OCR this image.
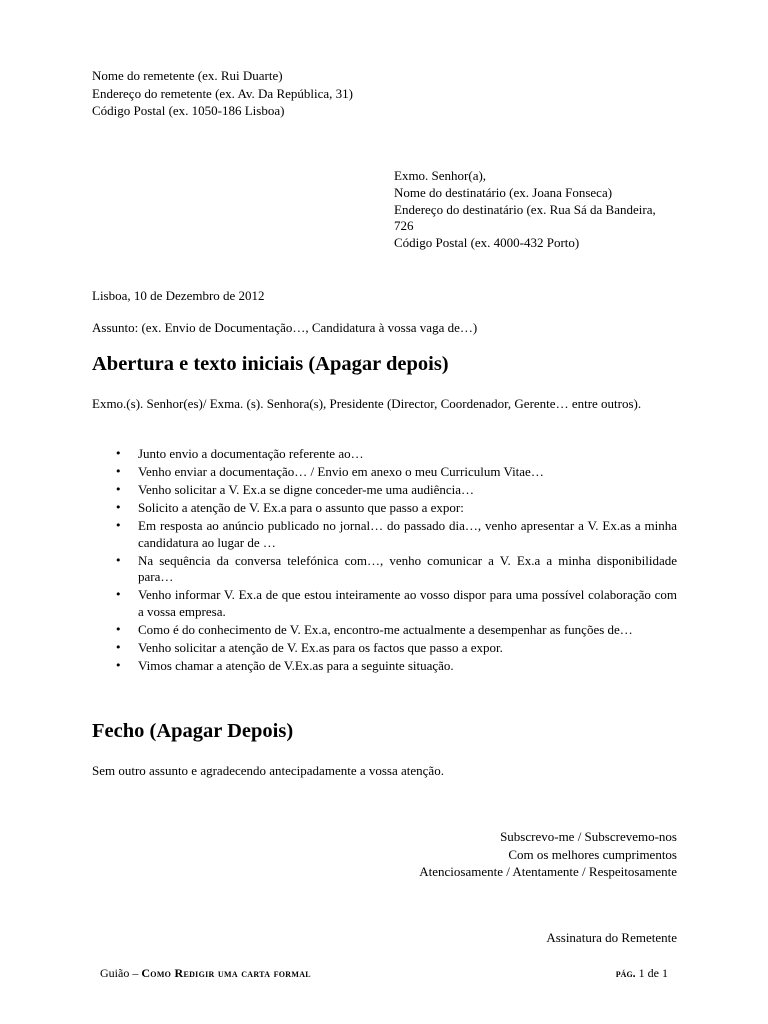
Nome do remetente (ex. Rui Duarte)
Endereço do remetente (ex. Av. Da República, 31)
Código Postal (ex. 1050-186 Lisboa)
Exmo. Senhor(a),
Nome do destinatário (ex. Joana Fonseca)
Endereço do destinatário (ex. Rua Sá da Bandeira, 726
Código Postal (ex. 4000-432 Porto)
Lisboa, 10 de Dezembro de 2012
Assunto: (ex. Envio de Documentação…, Candidatura à vossa vaga de…)
Abertura e texto iniciais (Apagar depois)
Exmo.(s). Senhor(es)/ Exma. (s). Senhora(s), Presidente (Director, Coordenador, Gerente… entre outros).
• Junto envio a documentação referente ao…
• Venho enviar a documentação… / Envio em anexo o meu Curriculum Vitae…
• Venho solicitar a V. Ex.a se digne conceder-me uma audiência…
• Solicito a atenção de V. Ex.a para o assunto que passo a expor:
• Em resposta ao anúncio publicado no jornal… do passado dia…, venho apresentar a V. Ex.as a minha candidatura ao lugar de …
• Na sequência da conversa telefónica com…, venho comunicar a V. Ex.a a minha disponibilidade para…
• Venho informar V. Ex.a de que estou inteiramente ao vosso dispor para uma possível colaboração com a vossa empresa.
• Como é do conhecimento de V. Ex.a, encontro-me actualmente a desempenhar as funções de…
• Venho solicitar a atenção de V. Ex.as para os factos que passo a expor.
• Vimos chamar a atenção de V.Ex.as para a seguinte situação.
Fecho (Apagar Depois)
Sem outro assunto e agradecendo antecipadamente a vossa atenção.
Subscrevo-me / Subscrevemo-nos
Com os melhores cumprimentos
Atenciosamente / Atentamente / Respeitosamente
Assinatura do Remetente
Guião – Como Redigir uma carta formal	pág. 1 de 1
